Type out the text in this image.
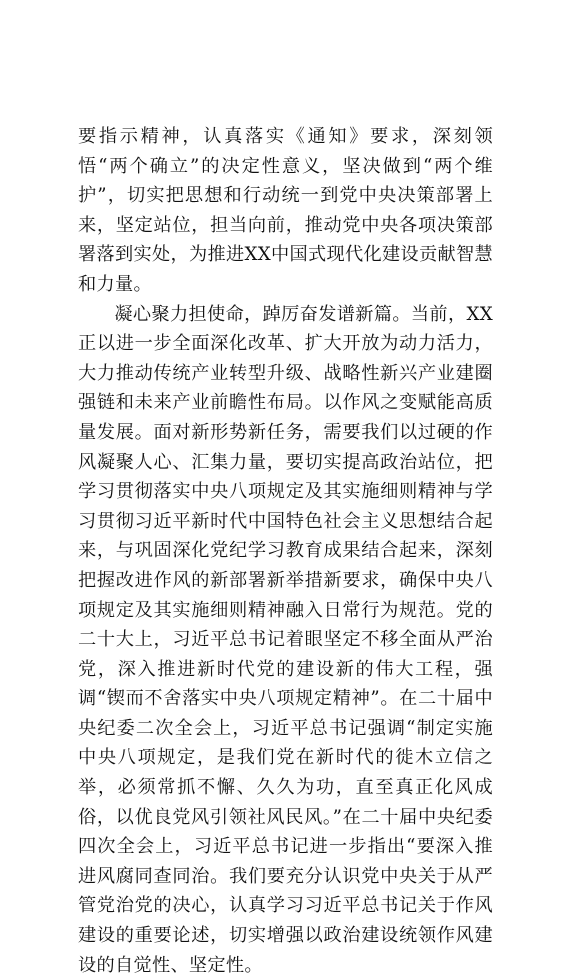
要指示精神，认真落实《通知》要求，深刻领悟“两个确立”的决定性意义，坚决做到“两个维护”，切实把思想和行动统一到党中央决策部署上来，坚定站位，担当向前，推动党中央各项决策部署落到实处，为推进XX中国式现代化建设贡献智慧和力量。

凝心聚力担使命，踔厉奋发谱新篇。当前，XX正以进一步全面深化改革、扩大开放为动力活力，大力推动传统产业转型升级、战略性新兴产业建圈强链和未来产业前瞻性布局。以作风之变赋能高质量发展。面对新形势新任务，需要我们以过硬的作风凝聚人心、汇集力量，要切实提高政治站位，把学习贯彻落实中央八项规定及其实施细则精神与学习贯彻习近平新时代中国特色社会主义思想结合起来，与巩固深化党纪学习教育成果结合起来，深刻把握改进作风的新部署新举措新要求，确保中央八项规定及其实施细则精神融入日常行为规范。党的二十大上，习近平总书记着眼坚定不移全面从严治党，深入推进新时代党的建设新的伟大工程，强调“锲而不舍落实中央八项规定精神”。在二十届中央纪委二次全会上，习近平总书记强调“制定实施中央八项规定，是我们党在新时代的徙木立信之举，必须常抓不懈、久久为功，直至真正化风成俗，以优良党风引领社风民风。”在二十届中央纪委四次全会上，习近平总书记进一步指出“要深入推进风腐同查同治。我们要充分认识党中央关于从严管党治党的决心，认真学习习近平总书记关于作风建设的重要论述，切实增强以政治建设统领作风建设的自觉性、坚定性。
